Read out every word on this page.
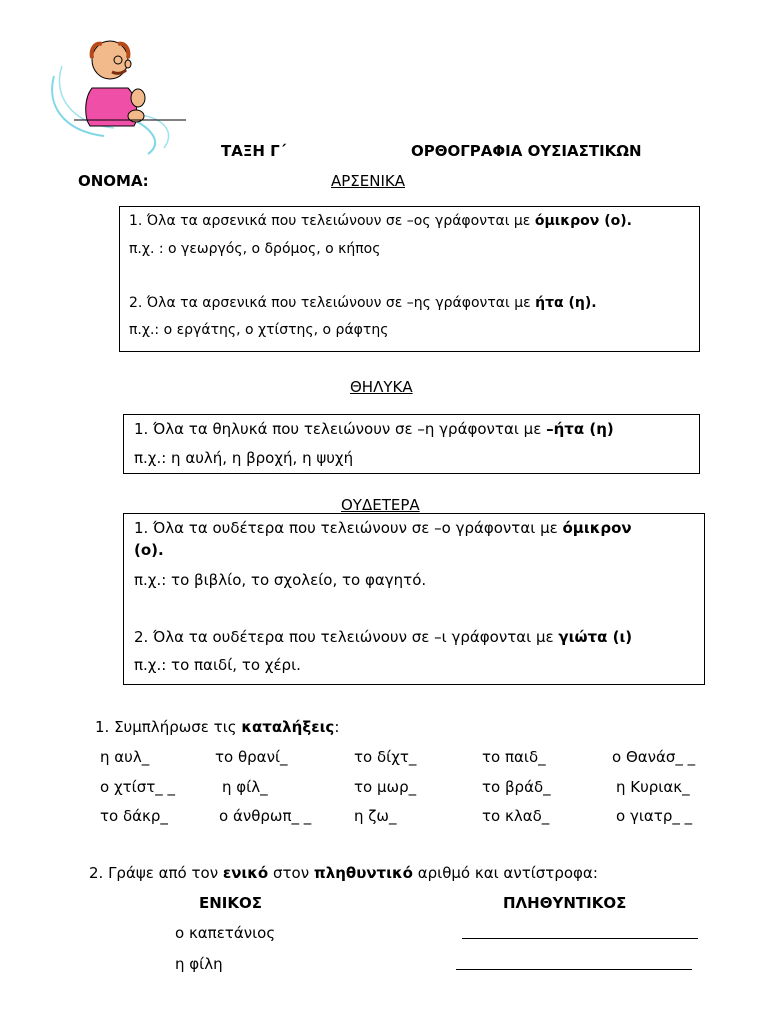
ΤΑΞΗ Γ΄	ΟΡΘΟΓΡΑΦΙΑ ΟΥΣΙΑΣΤΙΚΩΝ
ΟΝΟΜΑ:	ΑΡΣΕΝΙΚΑ
1. Όλα τα αρσενικά που τελειώνουν σε –ος γράφονται με όμικρον (ο).
π.χ. : ο γεωργός, ο δρόμος, ο κήπος
2. Όλα τα αρσενικά που τελειώνουν σε –ης γράφονται με ήτα (η).
π.χ.: ο εργάτης, ο χτίστης, ο ράφτης
ΘΗΛΥΚΑ
1. Όλα τα θηλυκά που τελειώνουν σε –η γράφονται με –ήτα (η)
π.χ.: η αυλή, η βροχή, η ψυχή
ΟΥΔΕΤΕΡΑ
1. Όλα τα ουδέτερα που τελειώνουν σε –ο γράφονται με όμικρον
(ο).
π.χ.: το βιβλίο, το σχολείο, το φαγητό.
2. Όλα τα ουδέτερα που τελειώνουν σε –ι γράφονται με γιώτα (ι)
π.χ.: το παιδί, το χέρι.
1. Συμπλήρωσε τις καταλήξεις:
η αυλ_	το θρανί_	το δίχτ_	το παιδ_	ο Θανάσ_ _
ο χτίστ_ _	η φίλ_	το μωρ_	το βράδ_	η Κυριακ_
το δάκρ_	ο άνθρωπ_ _	η ζω_	το κλαδ_	ο γιατρ_ _
2. Γράψε από τον ενικό στον πληθυντικό αριθμό και αντίστροφα:
ΕΝΙΚΟΣ	ΠΛΗΘΥΝΤΙΚΟΣ
ο καπετάνιος
η φίλη
